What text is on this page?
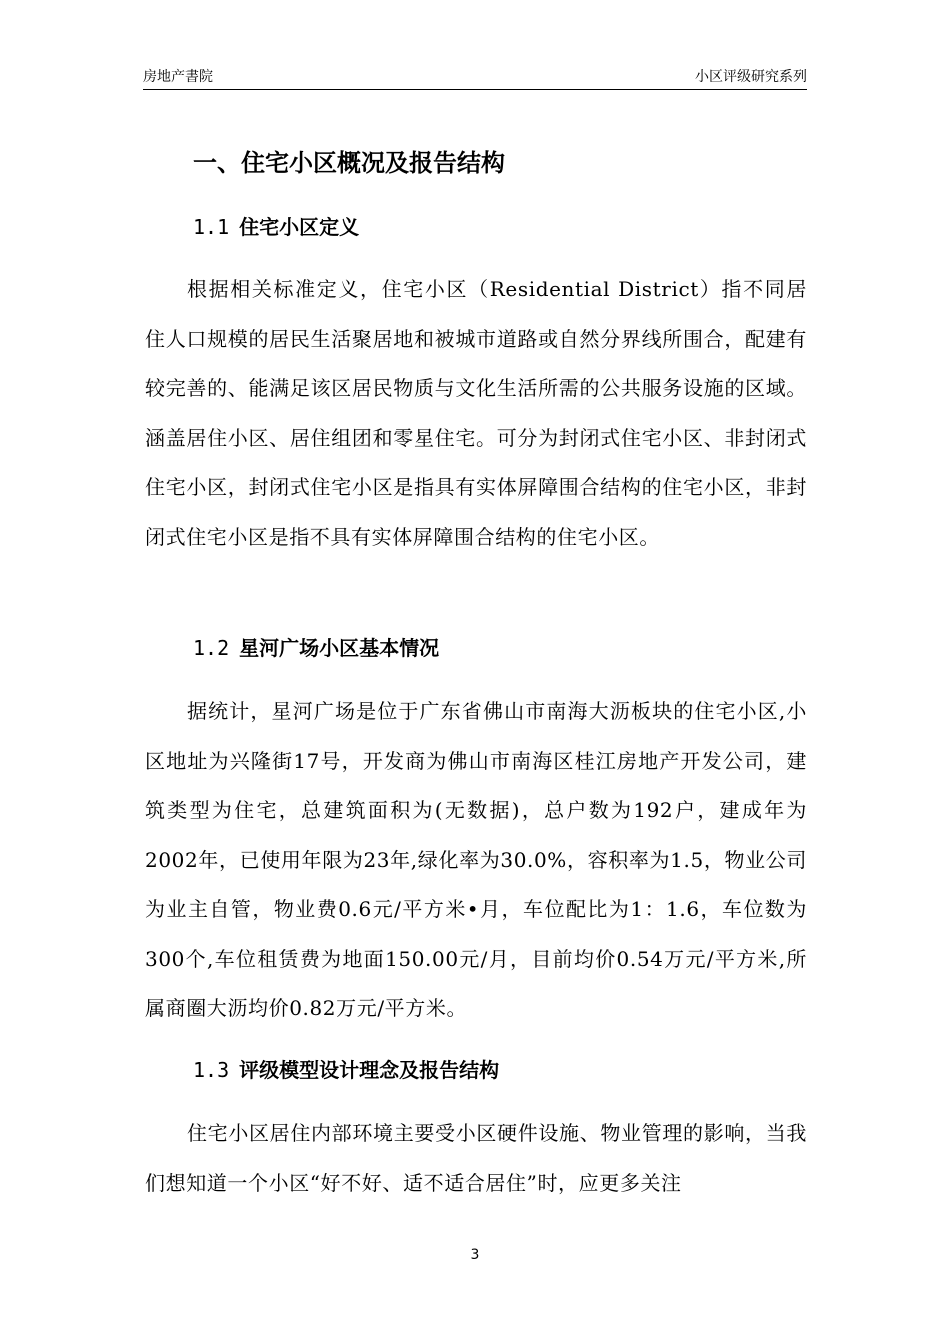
房地产書院	小区评级研究系列
一、住宅小区概况及报告结构
1.1 住宅小区定义
根据相关标准定义，住宅小区（Residential District）指不同居住人口规模的居民生活聚居地和被城市道路或自然分界线所围合，配建有较完善的、能满足该区居民物质与文化生活所需的公共服务设施的区域。涵盖居住小区、居住组团和零星住宅。可分为封闭式住宅小区、非封闭式住宅小区，封闭式住宅小区是指具有实体屏障围合结构的住宅小区，非封闭式住宅小区是指不具有实体屏障围合结构的住宅小区。
1.2 星河广场小区基本情况
据统计，星河广场是位于广东省佛山市南海大沥板块的住宅小区,小区地址为兴隆街17号，开发商为佛山市南海区桂江房地产开发公司，建筑类型为住宅，总建筑面积为(无数据)，总户数为192户，建成年为2002年，已使用年限为23年,绿化率为30.0%，容积率为1.5，物业公司为业主自管，物业费0.6元/平方米•月，车位配比为1：1.6，车位数为300个,车位租赁费为地面150.00元/月，目前均价0.54万元/平方米,所属商圈大沥均价0.82万元/平方米。
1.3 评级模型设计理念及报告结构
住宅小区居住内部环境主要受小区硬件设施、物业管理的影响，当我们想知道一个小区“好不好、适不适合居住”时，应更多关注
3
